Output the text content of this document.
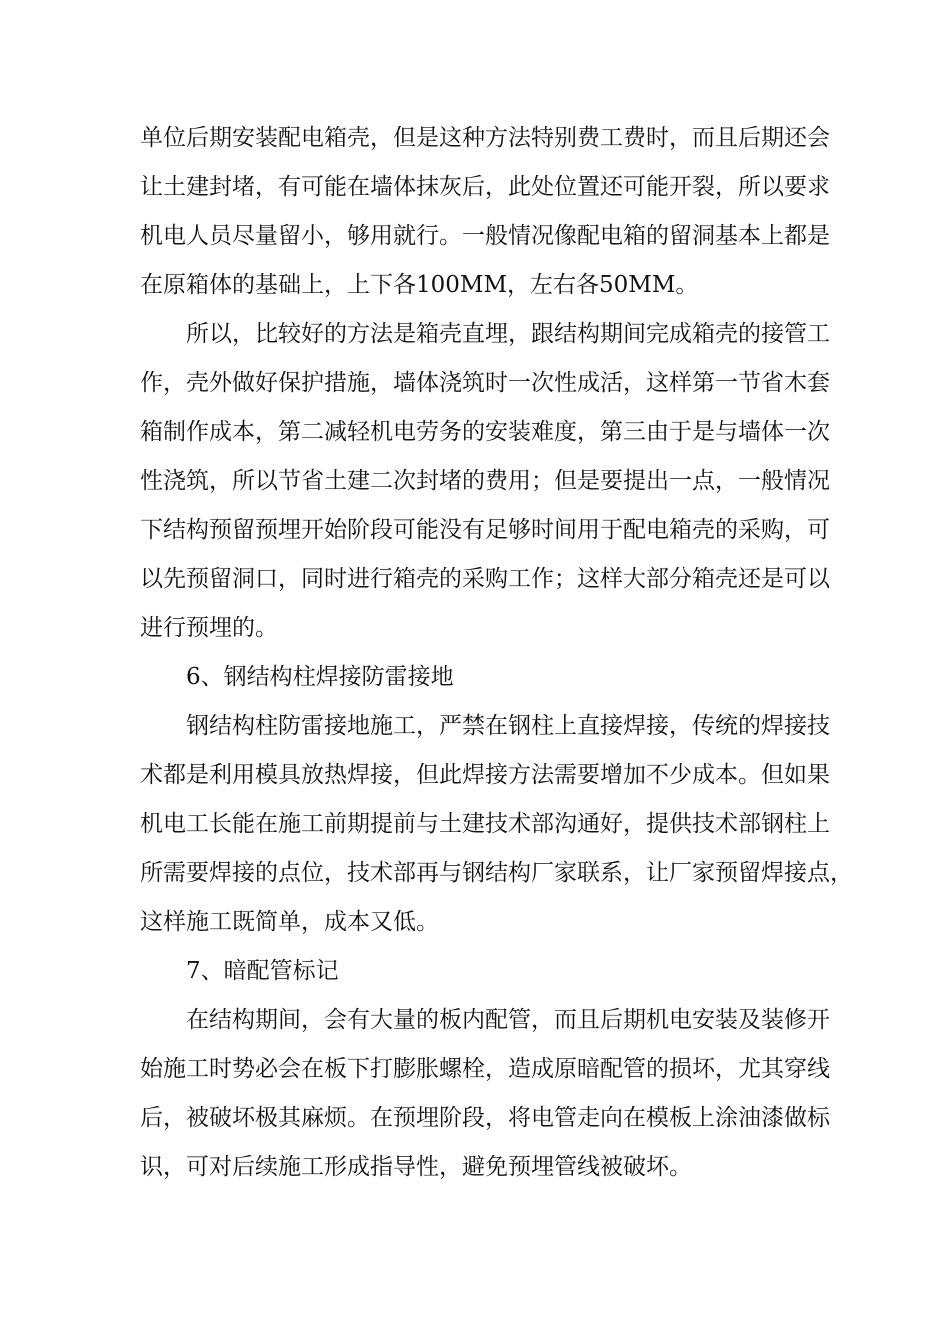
单位后期安装配电箱壳，但是这种方法特别费工费时，而且后期还会
让土建封堵，有可能在墙体抹灰后，此处位置还可能开裂，所以要求
机电人员尽量留小，够用就行。一般情况像配电箱的留洞基本上都是
在原箱体的基础上，上下各100MM，左右各50MM。
所以，比较好的方法是箱壳直埋，跟结构期间完成箱壳的接管工
作，壳外做好保护措施，墙体浇筑时一次性成活，这样第一节省木套
箱制作成本，第二减轻机电劳务的安装难度，第三由于是与墙体一次
性浇筑，所以节省土建二次封堵的费用；但是要提出一点，一般情况
下结构预留预埋开始阶段可能没有足够时间用于配电箱壳的采购，可
以先预留洞口，同时进行箱壳的采购工作；这样大部分箱壳还是可以
进行预埋的。
6、钢结构柱焊接防雷接地
钢结构柱防雷接地施工，严禁在钢柱上直接焊接，传统的焊接技
术都是利用模具放热焊接，但此焊接方法需要增加不少成本。但如果
机电工长能在施工前期提前与土建技术部沟通好，提供技术部钢柱上
所需要焊接的点位，技术部再与钢结构厂家联系，让厂家预留焊接点，
这样施工既简单，成本又低。
7、暗配管标记
在结构期间，会有大量的板内配管，而且后期机电安装及装修开
始施工时势必会在板下打膨胀螺栓，造成原暗配管的损坏，尤其穿线
后，被破坏极其麻烦。在预埋阶段，将电管走向在模板上涂油漆做标
识，可对后续施工形成指导性，避免预埋管线被破坏。
